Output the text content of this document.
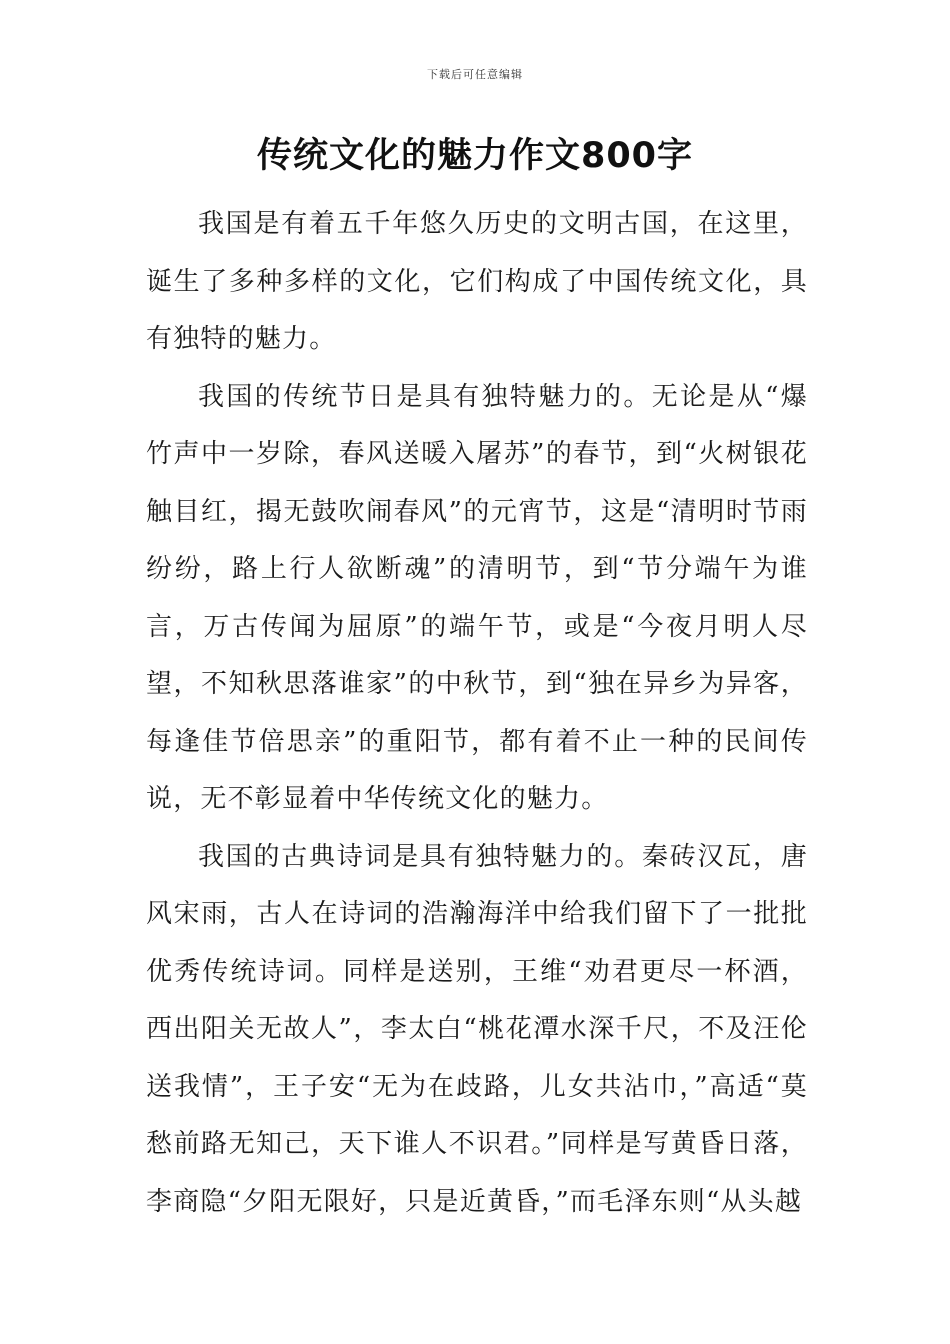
下载后可任意编辑
传统文化的魅力作文800字

我国是有着五千年悠久历史的文明古国，在这里，诞生了多种多样的文化，它们构成了中国传统文化，具有独特的魅力。

我国的传统节日是具有独特魅力的。无论是从“爆竹声中一岁除，春风送暖入屠苏”的春节，到“火树银花触目红，揭无鼓吹闹春风”的元宵节，这是“清明时节雨纷纷，路上行人欲断魂”的清明节，到“节分端午为谁言，万古传闻为屈原”的端午节，或是“今夜月明人尽望，不知秋思落谁家”的中秋节，到“独在异乡为异客，每逢佳节倍思亲”的重阳节，都有着不止一种的民间传说，无不彰显着中华传统文化的魅力。

我国的古典诗词是具有独特魅力的。秦砖汉瓦，唐风宋雨，古人在诗词的浩瀚海洋中给我们留下了一批批优秀传统诗词。同样是送别，王维“劝君更尽一杯酒，西出阳关无故人”，李太白“桃花潭水深千尺，不及汪伦送我情”，王子安“无为在歧路，儿女共沾巾，”高适“莫愁前路无知己，天下谁人不识君。”同样是写黄昏日落，李商隐“夕阳无限好，只是近黄昏，”而毛泽东则“从头越
